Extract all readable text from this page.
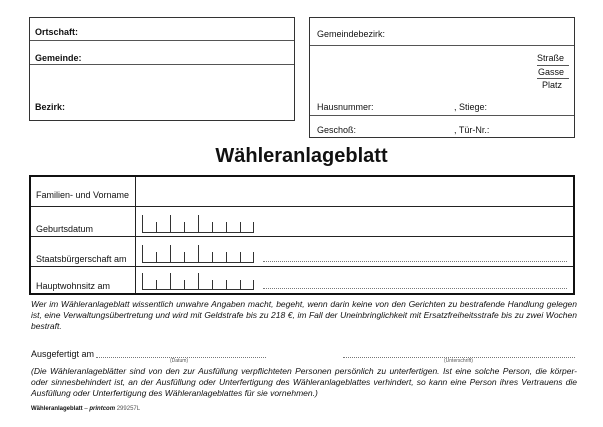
Ortschaft:
Gemeinde:
Bezirk:
Gemeindebezirk:
Straße
Gasse
Platz
Hausnummer:	, Stiege:
Geschoß:	, Tür-Nr.:
Wähleranlageblatt
Familien- und Vorname
Geburtsdatum
Staatsbürgerschaft am
Hauptwohnsitz am
Wer im Wähleranlageblatt wissentlich unwahre Angaben macht, begeht, wenn darin keine von den Gerichten zu bestrafende Handlung gelegen ist, eine Verwaltungsübertretung und wird mit Geldstrafe bis zu 218 €, im Fall der Uneinbringlichkeit mit Ersatzfreiheitsstrafe bis zu zwei Wochen bestraft.
Ausgefertigt am
(Datum)	(Unterschrift)
(Die Wähleranlageblätter sind von den zur Ausfüllung verpflichteten Personen persönlich zu unterfertigen. Ist eine solche Person, die körper- oder sinnesbehindert ist, an der Ausfüllung oder Unterfertigung des Wähleranlageblattes verhindert, so kann eine Person ihres Vertrauens die Ausfüllung oder Unterfertigung des Wähleranlageblattes für sie vornehmen.)
Wähleranlageblatt – printcom 299257L
